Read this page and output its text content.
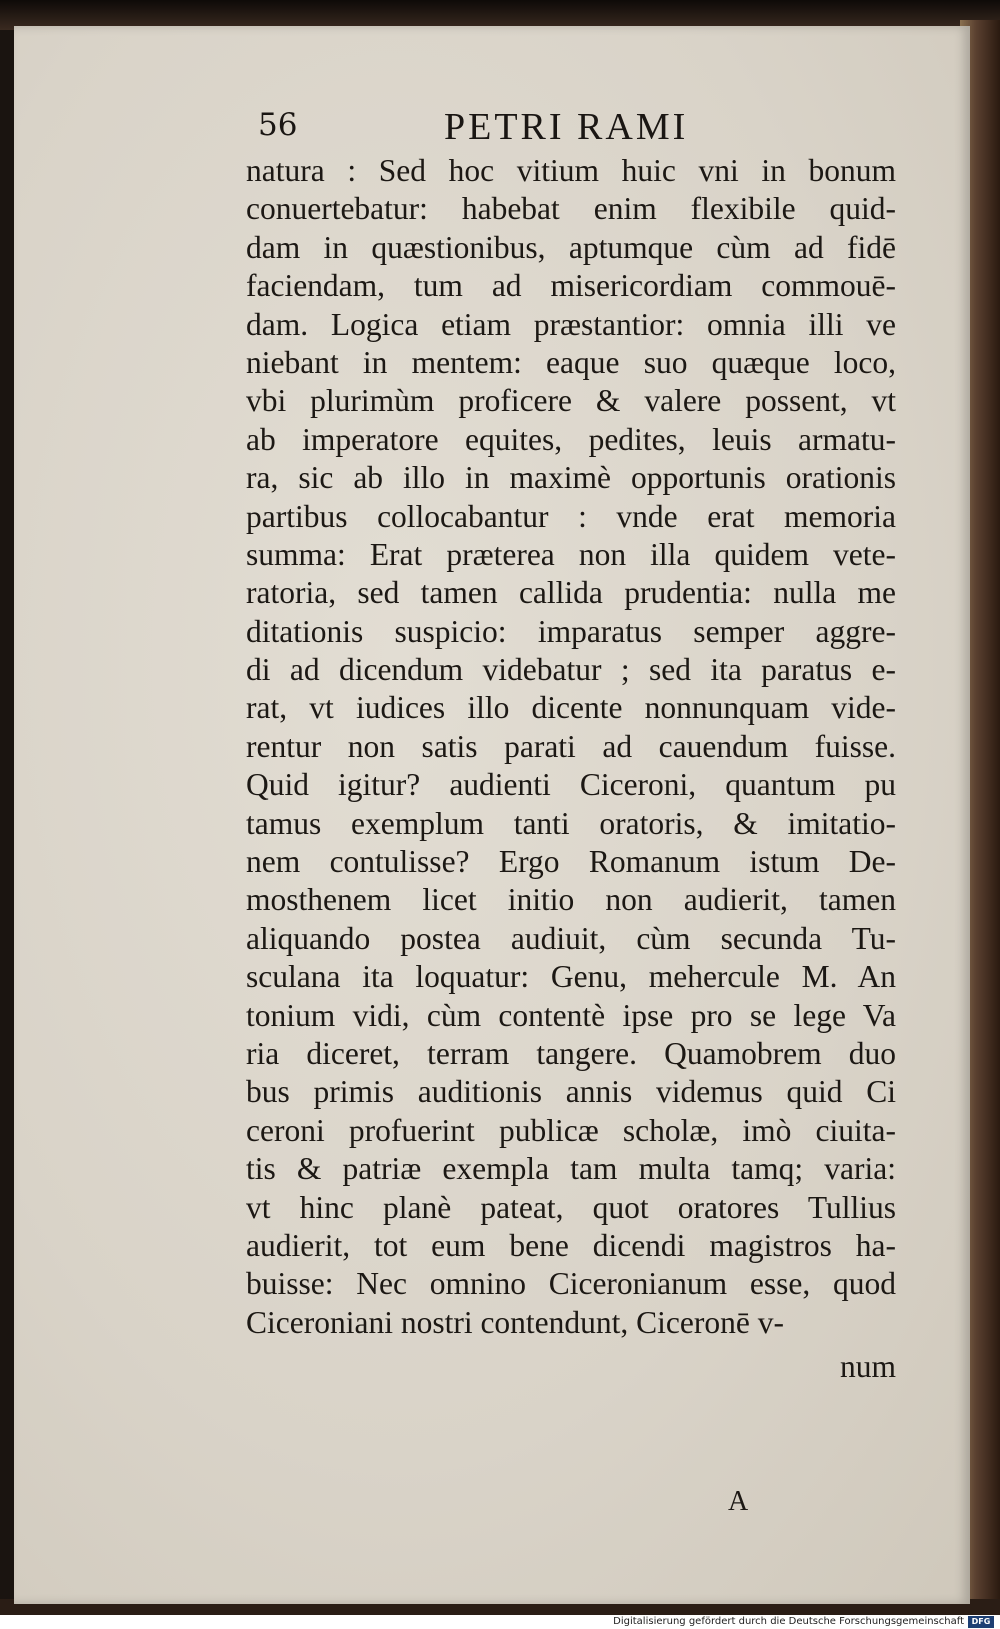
56	PETRI RAMI
natura : Sed hoc vitium huic vni in bonum
conuertebatur: habebat enim flexibile quid-
dam in quæstionibus, aptumque cùm ad fidē
faciendam, tum ad misericordiam commouē-
dam. Logica etiam præstantior: omnia illi ve
niebant in mentem: eaque suo quæque loco,
vbi plurimùm proficere & valere possent, vt
ab imperatore equites, pedites, leuis armatu-
ra, sic ab illo in maximè opportunis orationis
partibus collocabantur : vnde erat memoria
summa: Erat præterea non illa quidem vete-
ratoria, sed tamen callida prudentia: nulla me
ditationis suspicio: imparatus semper aggre-
di ad dicendum videbatur ; sed ita paratus e-
rat, vt iudices illo dicente nonnunquam vide-
rentur non satis parati ad cauendum fuisse.
Quid igitur? audienti Ciceroni, quantum pu
tamus exemplum tanti oratoris, & imitatio-
nem contulisse? Ergo Romanum istum De-
mosthenem licet initio non audierit, tamen
aliquando postea audiuit, cùm secunda Tu-
sculana ita loquatur: Genu, mehercule M. An
tonium vidi, cùm contentè ipse pro se lege Va
ria diceret, terram tangere. Quamobrem duo
bus primis auditionis annis videmus quid Ci
ceroni profuerint publicæ scholæ, imò ciuita-
tis & patriæ exempla tam multa tamq; varia:
vt hinc planè pateat, quot oratores Tullius
audierit, tot eum bene dicendi magistros ha-
buisse: Nec omnino Ciceronianum esse, quod
Ciceroniani nostri contendunt, Ciceronē v-
num
A
Digitalisierung gefördert durch die Deutsche Forschungsgemeinschaft DFG
